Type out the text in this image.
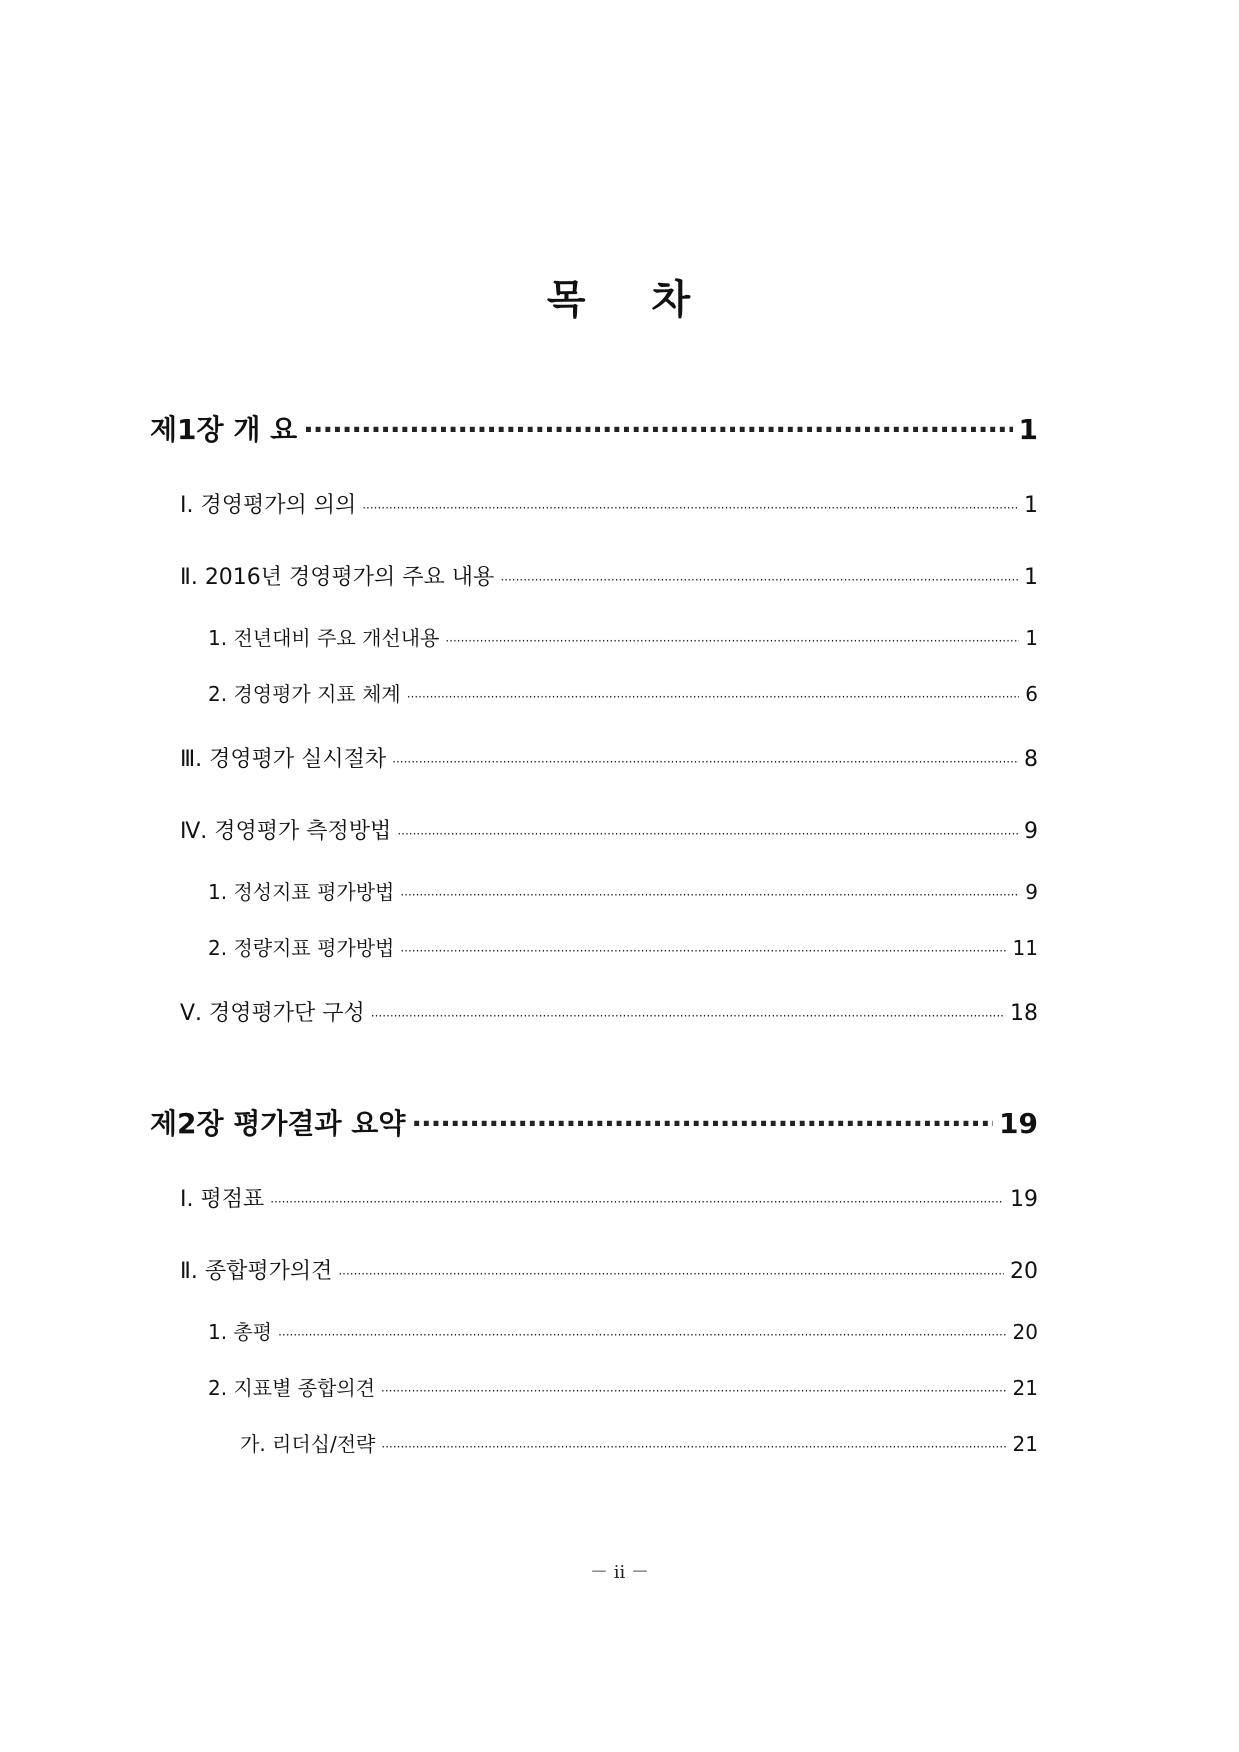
목 차
제1장 개 요 ·····	1
Ⅰ. 경영평가의 의의 ·····	1
Ⅱ. 2016년 경영평가의 주요 내용 ·····	1
1. 전년대비 주요 개선내용 ·····	1
2. 경영평가 지표 체계 ·····	6
Ⅲ. 경영평가 실시절차 ·····	8
Ⅳ. 경영평가 측정방법 ·····	9
1. 정성지표 평가방법 ·····	9
2. 정량지표 평가방법 ·····	11
Ⅴ. 경영평가단 구성 ·····	18
제2장 평가결과 요약 ·····	19
Ⅰ. 평점표 ·····	19
Ⅱ. 종합평가의견 ·····	20
1. 총평 ·····	20
2. 지표별 종합의견 ·····	21
가. 리더십/전략 ·····	21
－ ii －
